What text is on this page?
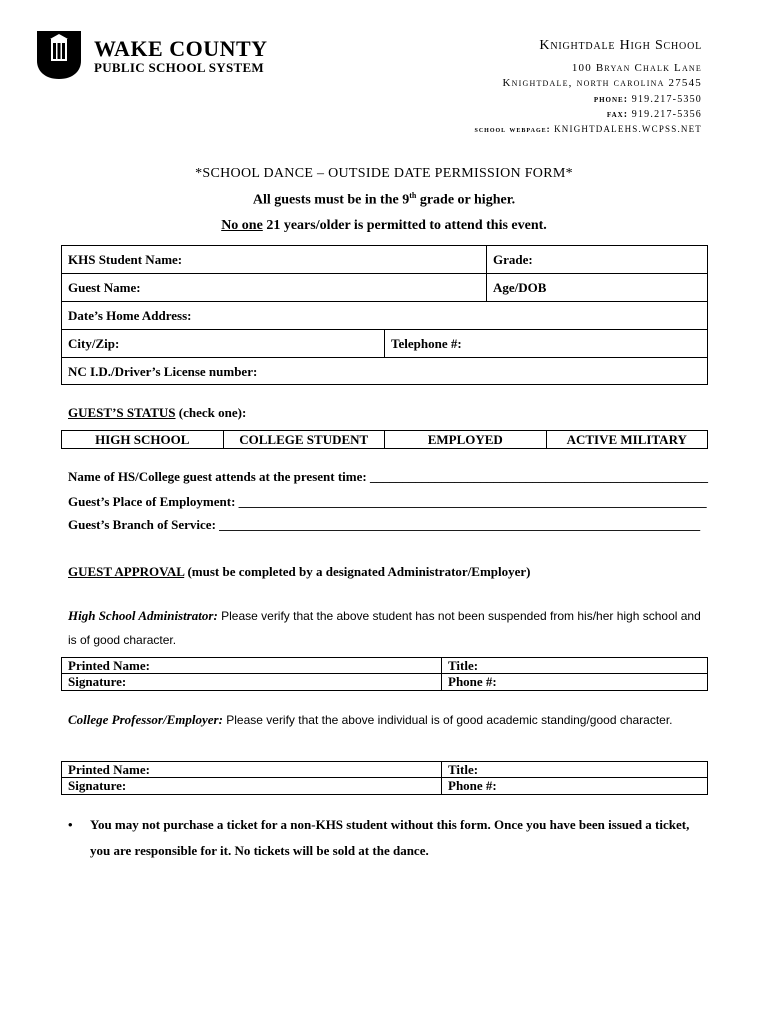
WAKE COUNTY
PUBLIC SCHOOL SYSTEM
Knightdale High School
100 Bryan Chalk Lane
Knightdale, north carolina 27545
phone: 919.217-5350
fax: 919.217-5356
school webpage: KNIGHTDALEHS.WCPSS.NET
*SCHOOL DANCE – OUTSIDE DATE PERMISSION FORM*
All guests must be in the 9th grade or higher.
No one 21 years/older is permitted to attend this event.
KHS Student Name:	Grade:
Guest Name:	Age/DOB
Date’s Home Address:
City/Zip:	Telephone #:
NC I.D./Driver’s License number:
GUEST’S STATUS (check one):
HIGH SCHOOL	COLLEGE STUDENT	EMPLOYED	ACTIVE MILITARY
Name of HS/College guest attends at the present time: ____________________________________________________
Guest’s Place of Employment: ________________________________________________________________________
Guest’s Branch of Service: __________________________________________________________________________
GUEST APPROVAL (must be completed by a designated Administrator/Employer)
High School Administrator: Please verify that the above student has not been suspended from his/her high school and is of good character.
Printed Name:	Title:
Signature:	Phone #:
College Professor/Employer: Please verify that the above individual is of good academic standing/good character.
Printed Name:	Title:
Signature:	Phone #:
•	You may not purchase a ticket for a non-KHS student without this form. Once you have been issued a ticket, you are responsible for it. No tickets will be sold at the dance.
